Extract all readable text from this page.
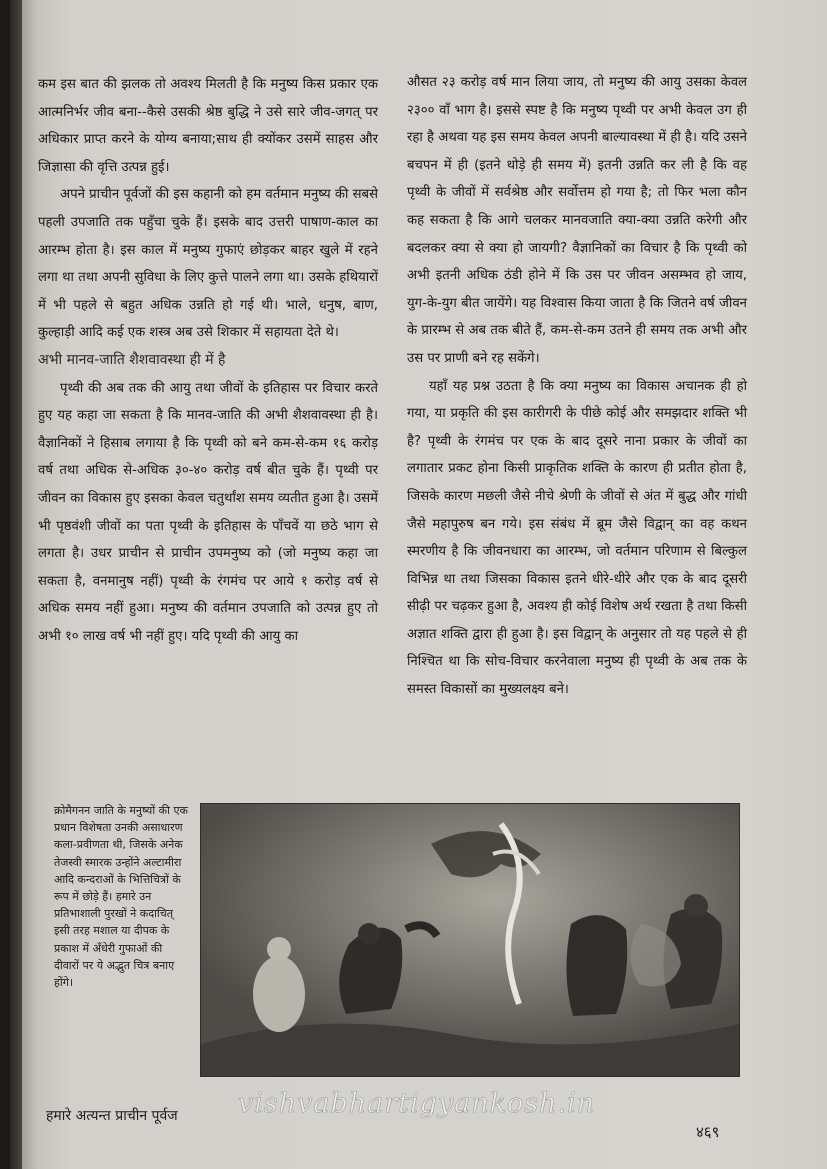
कम इस बात की झलक तो अवश्य मिलती है कि मनुष्य किस प्रकार एक आत्मनिर्भर जीव बना--कैसे उसकी श्रेष्ठ बुद्धि ने उसे सारे जीव-जगत् पर अधिकार प्राप्त करने के योग्य बनाया;साथ ही क्योंकर उसमें साहस और जिज्ञासा की वृत्ति उत्पन्न हुई।

अपने प्राचीन पूर्वजों की इस कहानी को हम वर्तमान मनुष्य की सबसे पहली उपजाति तक पहुँचा चुके हैं। इसके बाद उत्तरी पाषाण-काल का आरम्भ होता है। इस काल में मनुष्य गुफाएं छोड़कर बाहर खुले में रहने लगा था तथा अपनी सुविधा के लिए कुत्ते पालने लगा था। उसके हथियारों में भी पहले से बहुत अधिक उन्नति हो गई थी। भाले, धनुष, बाण, कुल्हाड़ी आदि कई एक शस्त्र अब उसे शिकार में सहायता देते थे।

अभी मानव-जाति शैशवावस्था ही में है

पृथ्वी की अब तक की आयु तथा जीवों के इतिहास पर विचार करते हुए यह कहा जा सकता है कि मानव-जाति की अभी शैशवावस्था ही है। वैज्ञानिकों ने हिसाब लगाया है कि पृथ्वी को बने कम-से-कम १६ करोड़ वर्ष तथा अधिक से-अधिक ३०-४० करोड़ वर्ष बीत चुके हैं। पृथ्वी पर जीवन का विकास हुए इसका केवल चतुर्थांश समय व्यतीत हुआ है। उसमें भी पृष्ठवंशी जीवों का पता पृथ्वी के इतिहास के पाँचवें या छठे भाग से लगता है। उधर प्राचीन से प्राचीन उपमनुष्य को (जो मनुष्य कहा जा सकता है, वनमानुष नहीं) पृथ्वी के रंगमंच पर आये १ करोड़ वर्ष से अधिक समय नहीं हुआ। मनुष्य की वर्तमान उपजाति को उत्पन्न हुए तो अभी १० लाख वर्ष भी नहीं हुए। यदि पृथ्वी की आयु का

औसत २३ करोड़ वर्ष मान लिया जाय, तो मनुष्य की आयु उसका केवल २३०० वाँ भाग है। इससे स्पष्ट है कि मनुष्य पृथ्वी पर अभी केवल उग ही रहा है अथवा यह इस समय केवल अपनी बाल्यावस्था में ही है। यदि उसने बचपन में ही (इतने थोड़े ही समय में) इतनी उन्नति कर ली है कि वह पृथ्वी के जीवों में सर्वश्रेष्ठ और सर्वोत्तम हो गया है; तो फिर भला कौन कह सकता है कि आगे चलकर मानवजाति क्या-क्या उन्नति करेगी और बदलकर क्या से क्या हो जायगी? वैज्ञानिकों का विचार है कि पृथ्वी को अभी इतनी अधिक ठंडी होने में कि उस पर जीवन असम्भव हो जाय, युग-के-युग बीत जायेंगे। यह विश्वास किया जाता है कि जितने वर्ष जीवन के प्रारम्भ से अब तक बीते हैं, कम-से-कम उतने ही समय तक अभी और उस पर प्राणी बने रह सकेंगे।

यहाँ यह प्रश्न उठता है कि क्या मनुष्य का विकास अचानक ही हो गया, या प्रकृति की इस कारीगरी के पीछे कोई और समझदार शक्ति भी है? पृथ्वी के रंगमंच पर एक के बाद दूसरे नाना प्रकार के जीवों का लगातार प्रकट होना किसी प्राकृतिक शक्ति के कारण ही प्रतीत होता है, जिसके कारण मछली जैसे नीचे श्रेणी के जीवों से अंत में बुद्ध और गांधी जैसे महापुरुष बन गये। इस संबंध में ब्रूम जैसे विद्वान् का वह कथन स्मरणीय है कि जीवनधारा का आरम्भ, जो वर्तमान परिणाम से बिल्कुल विभिन्न था तथा जिसका विकास इतने धीरे-धीरे और एक के बाद दूसरी सीढ़ी पर चढ़कर हुआ है, अवश्य ही कोई विशेष अर्थ रखता है तथा किसी अज्ञात शक्ति द्वारा ही हुआ है। इस विद्वान् के अनुसार तो यह पहले से ही निश्चित था कि सोच-विचार करनेवाला मनुष्य ही पृथ्वी के अब तक के समस्त विकासों का मुख्यलक्ष्य बने।

क्रोमैगनन जाति के मनुष्यों की एक प्रधान विशेषता उनकी असाधारण कला-प्रवीणता थी, जिसके अनेक तेजस्वी स्मारक उन्होंने अल्टामीरा आदि कन्दराओं के भित्तिचित्रों के रूप में छोड़े हैं। हमारे उन प्रतिभाशाली पुरखों ने कदाचित् इसी तरह मशाल या दीपक के प्रकाश में अँधेरी गुफाओं की दीवारों पर ये अद्भुत चित्र बनाए होंगे।
हमारे अत्यन्त प्राचीन पूर्वज vishvabhartigyankosh.in
४६९
